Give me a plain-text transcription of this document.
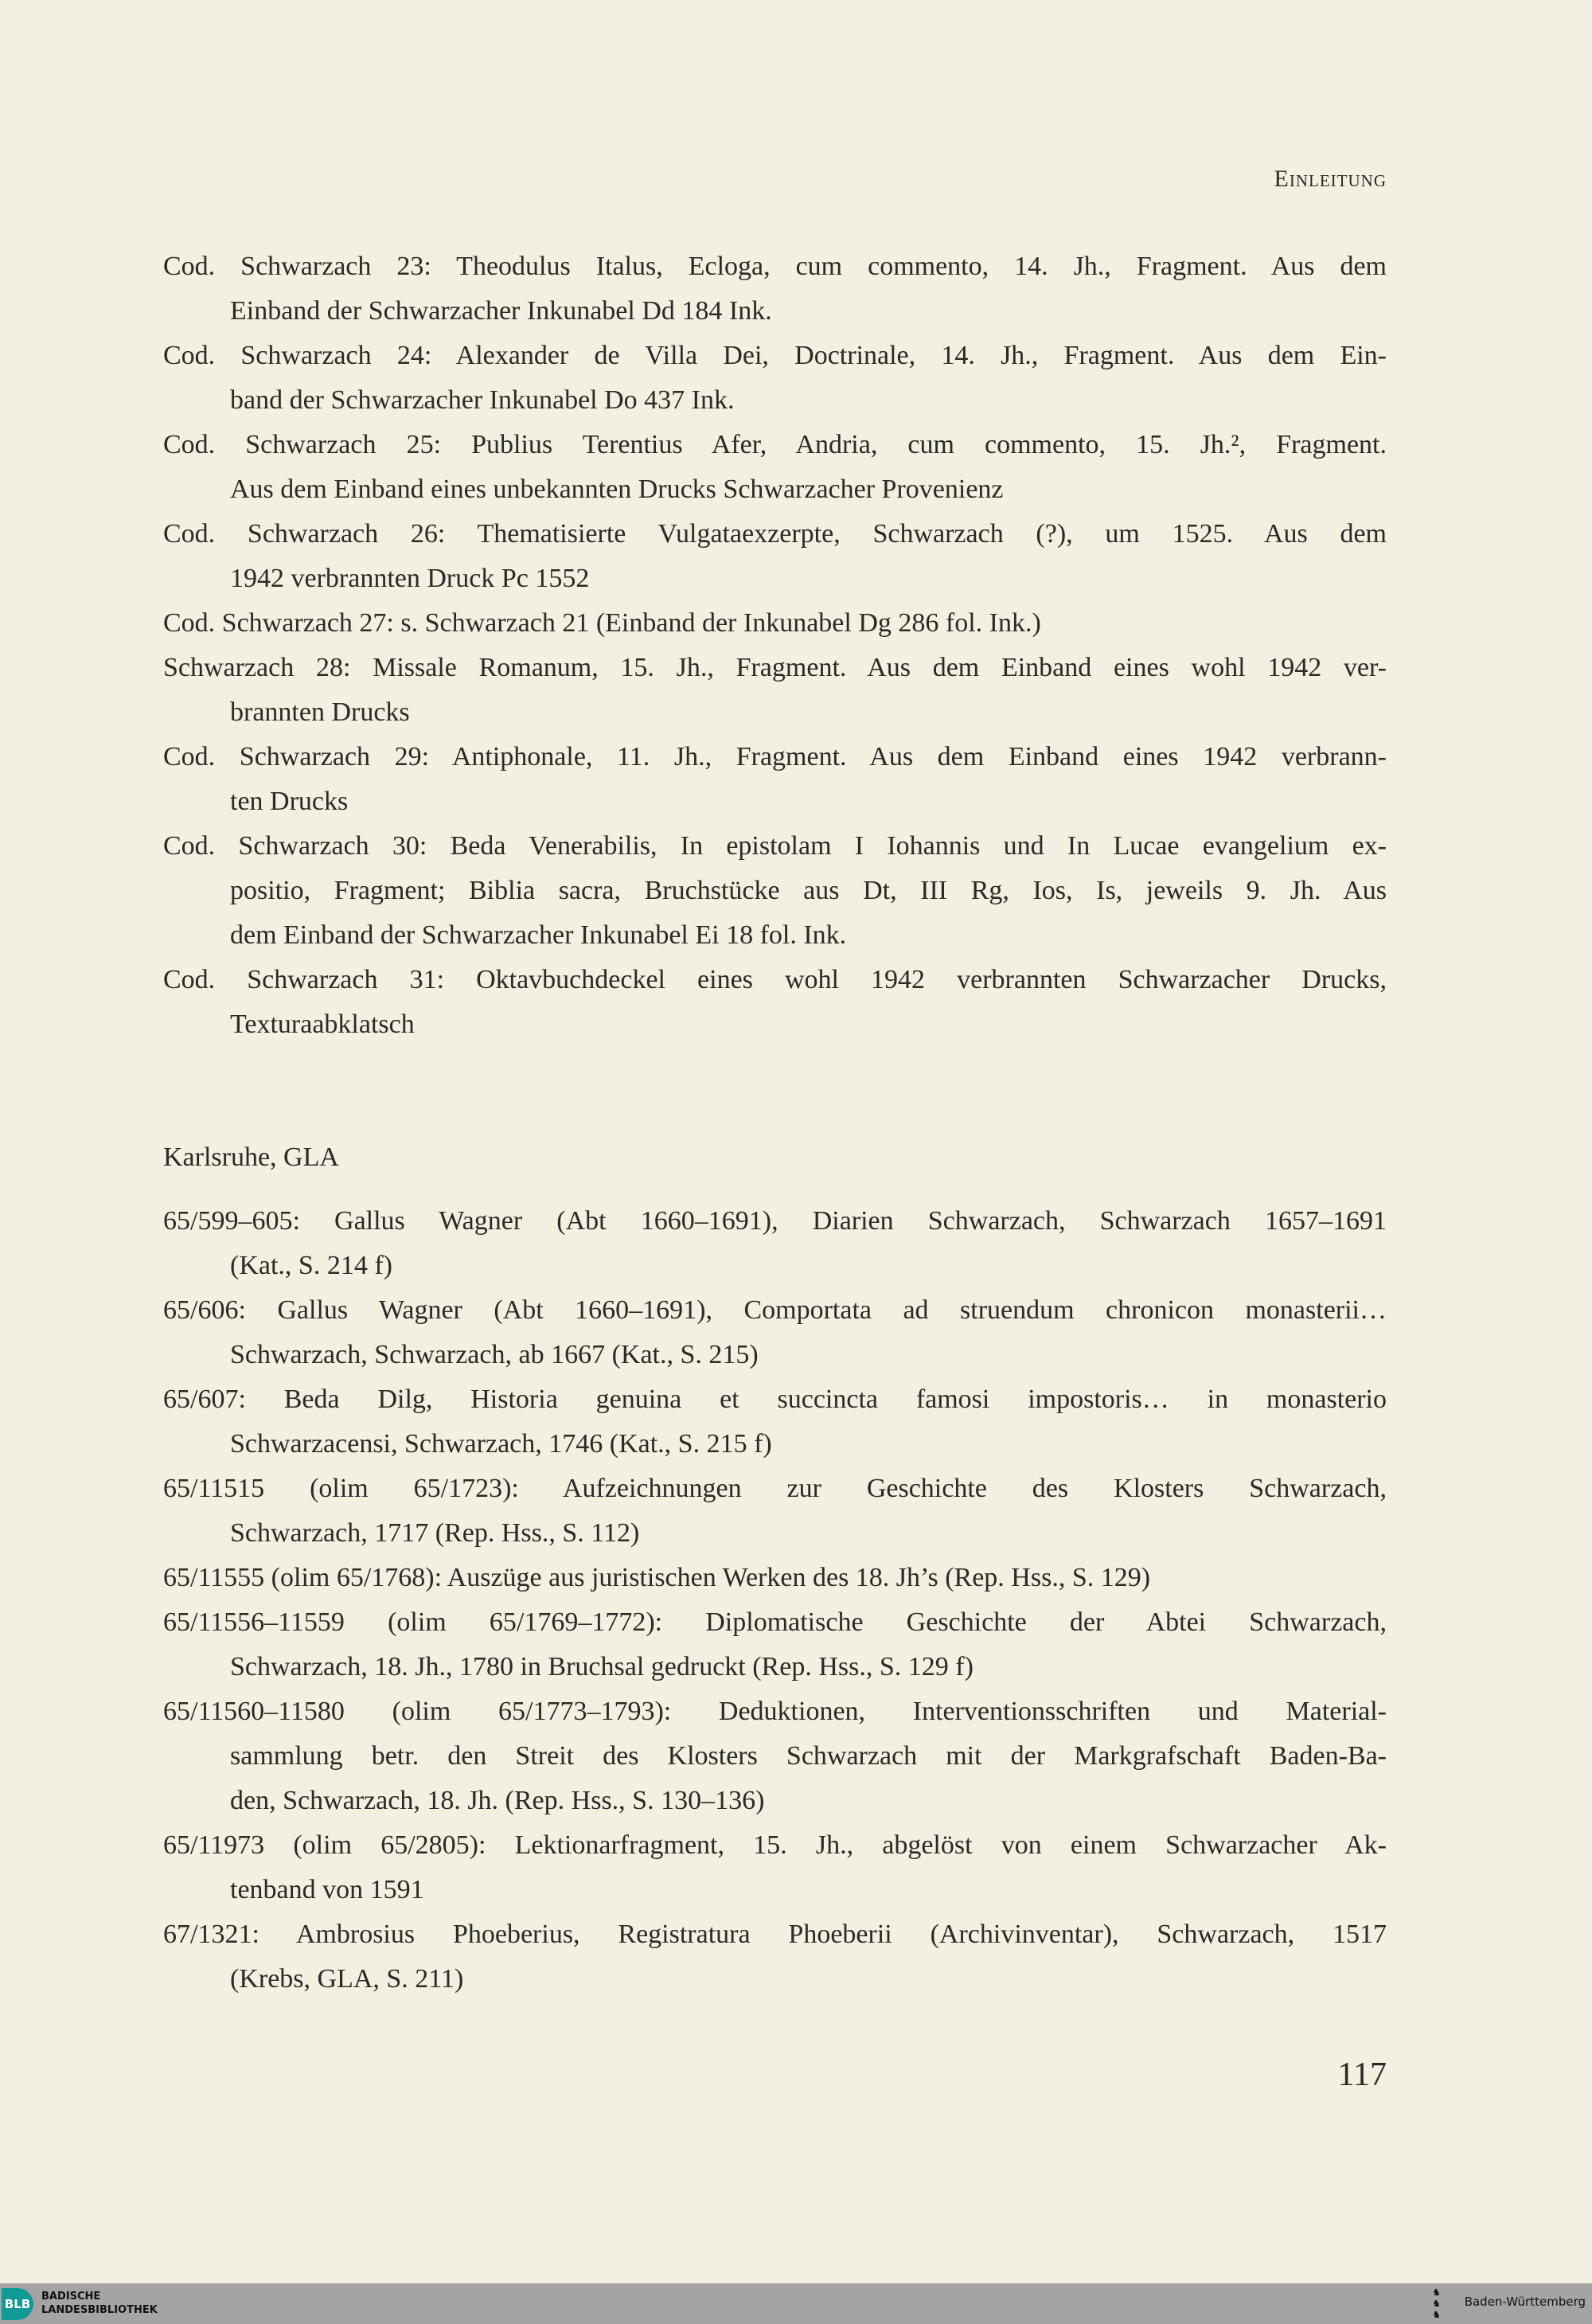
Einleitung
Cod. Schwarzach 23: Theodulus Italus, Ecloga, cum commento, 14. Jh., Fragment. Aus dem
Einband der Schwarzacher Inkunabel Dd 184 Ink.
Cod. Schwarzach 24: Alexander de Villa Dei, Doctrinale, 14. Jh., Fragment. Aus dem Ein-
band der Schwarzacher Inkunabel Do 437 Ink.
Cod. Schwarzach 25: Publius Terentius Afer, Andria, cum commento, 15. Jh.², Fragment.
Aus dem Einband eines unbekannten Drucks Schwarzacher Provenienz
Cod. Schwarzach 26: Thematisierte Vulgataexzerpte, Schwarzach (?), um 1525. Aus dem
1942 verbrannten Druck Pc 1552
Cod. Schwarzach 27: s. Schwarzach 21 (Einband der Inkunabel Dg 286 fol. Ink.)
Schwarzach 28: Missale Romanum, 15. Jh., Fragment. Aus dem Einband eines wohl 1942 ver-
brannten Drucks
Cod. Schwarzach 29: Antiphonale, 11. Jh., Fragment. Aus dem Einband eines 1942 verbrann-
ten Drucks
Cod. Schwarzach 30: Beda Venerabilis, In epistolam I Iohannis und In Lucae evangelium ex-
positio, Fragment; Biblia sacra, Bruchstücke aus Dt, III Rg, Ios, Is, jeweils 9. Jh. Aus
dem Einband der Schwarzacher Inkunabel Ei 18 fol. Ink.
Cod. Schwarzach 31: Oktavbuchdeckel eines wohl 1942 verbrannten Schwarzacher Drucks,
Texturaabklatsch
Karlsruhe, GLA
65/599–605: Gallus Wagner (Abt 1660–1691), Diarien Schwarzach, Schwarzach 1657–1691
(Kat., S. 214 f)
65/606: Gallus Wagner (Abt 1660–1691), Comportata ad struendum chronicon monasterii…
Schwarzach, Schwarzach, ab 1667 (Kat., S. 215)
65/607: Beda Dilg, Historia genuina et succincta famosi impostoris… in monasterio
Schwarzacensi, Schwarzach, 1746 (Kat., S. 215 f)
65/11515 (olim 65/1723): Aufzeichnungen zur Geschichte des Klosters Schwarzach,
Schwarzach, 1717 (Rep. Hss., S. 112)
65/11555 (olim 65/1768): Auszüge aus juristischen Werken des 18. Jh’s (Rep. Hss., S. 129)
65/11556–11559 (olim 65/1769–1772): Diplomatische Geschichte der Abtei Schwarzach,
Schwarzach, 18. Jh., 1780 in Bruchsal gedruckt (Rep. Hss., S. 129 f)
65/11560–11580 (olim 65/1773–1793): Deduktionen, Interventionsschriften und Material-
sammlung betr. den Streit des Klosters Schwarzach mit der Markgrafschaft Baden-Ba-
den, Schwarzach, 18. Jh. (Rep. Hss., S. 130–136)
65/11973 (olim 65/2805): Lektionarfragment, 15. Jh., abgelöst von einem Schwarzacher Ak-
tenband von 1591
67/1321: Ambrosius Phoeberius, Registratura Phoeberii (Archivinventar), Schwarzach, 1517
(Krebs, GLA, S. 211)
117
BLB
BADISCHE
LANDESBIBLIOTHEK
♞
♞
♞
Baden-Württemberg
